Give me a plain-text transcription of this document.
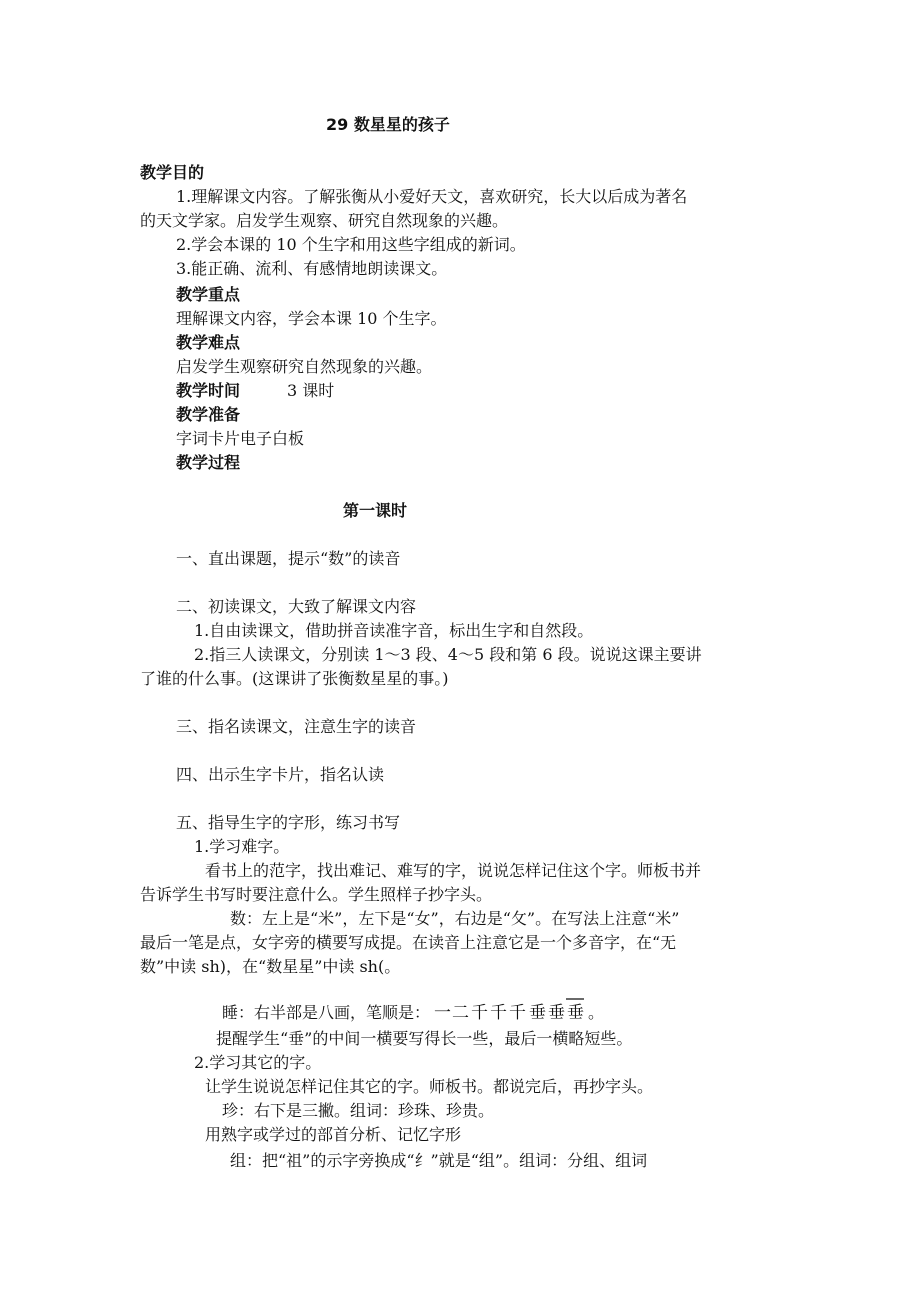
29 数星星的孩子
教学目的
1.理解课文内容。了解张衡从小爱好天文，喜欢研究，长大以后成为著名
的天文学家。启发学生观察、研究自然现象的兴趣。
2.学会本课的 10 个生字和用这些字组成的新词。
3.能正确、流利、有感情地朗读课文。
教学重点
理解课文内容，学会本课 10 个生字。
教学难点
启发学生观察研究自然现象的兴趣。
教学时间	3 课时
教学准备
字词卡片电子白板
教学过程
第一课时
一、直出课题，提示“数”的读音
二、初读课文，大致了解课文内容
1.自由读课文，借助拼音读准字音，标出生字和自然段。
2.指三人读课文，分别读 1～3 段、4～5 段和第 6 段。说说这课主要讲
了谁的什么事。(这课讲了张衡数星星的事。)
三、指名读课文，注意生字的读音
四、出示生字卡片，指名认读
五、指导生字的字形，练习书写
1.学习难字。
看书上的范字，找出难记、难写的字，说说怎样记住这个字。师板书并
告诉学生书写时要注意什么。学生照样子抄字头。
数：左上是“米”，左下是“女”，右边是“攵”。在写法上注意“米”
最后一笔是点，女字旁的横要写成提。在读音上注意它是一个多音字，在“无
数”中读 sh)，在“数星星”中读 sh(。
睡：右半部是八画，笔顺是： 一 二 千 千 千 垂 垂 垂 。
提醒学生“垂”的中间一横要写得长一些，最后一横略短些。
2.学习其它的字。
让学生说说怎样记住其它的字。师板书。都说完后，再抄字头。
珍：右下是三撇。组词：珍珠、珍贵。
用熟字或学过的部首分析、记忆字形
组：把“祖”的示字旁换成“纟”就是“组”。组词：分组、组词
